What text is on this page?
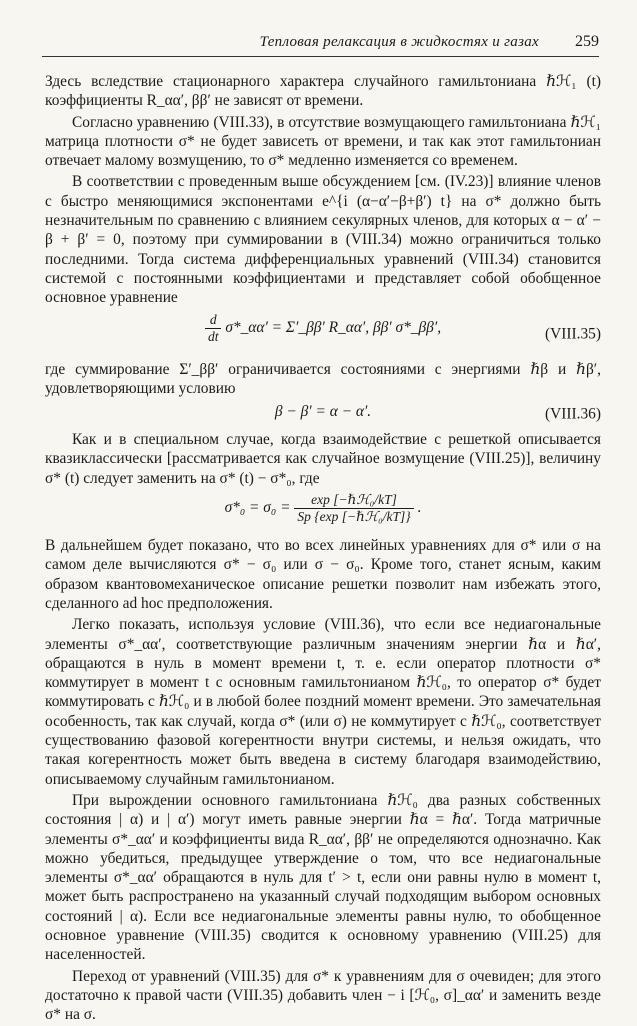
Тепловая релаксация в жидкостях и газах 259

Здесь вследствие стационарного характера случайного гамильтониана ℏℋ₁ (t) коэффициенты R_αα′, ββ′ не зависят от времени.

Согласно уравнению (VIII.33), в отсутствие возмущающего гамильтониана ℏℋ₁ матрица плотности σ* не будет зависеть от времени, и так как этот гамильтониан отвечает малому возмущению, то σ* медленно изменяется со временем.

В соответствии с проведенным выше обсуждением [см. (IV.23)] влияние членов с быстро меняющимися экспонентами e^{i (α−α′−β+β′) t} на σ* должно быть незначительным по сравнению с влиянием секулярных членов, для которых α − α′ − β + β′ = 0, поэтому при суммировании в (VIII.34) можно ограничиться только последними. Тогда система дифференциальных уравнений (VIII.34) становится системой с постоянными коэффициентами и представляет собой обобщенное основное уравнение

$\frac{d}{dt}$ σ*_αα′ = Σ′_ββ′ R_αα′, ββ′ σ*_ββ′,	(VIII.35)

где суммирование Σ′_ββ′ ограничивается состояниями с энергиями ℏβ и ℏβ′, удовлетворяющими условию

β − β′ = α − α′.	(VIII.36)

Как и в специальном случае, когда взаимодействие с решеткой описывается квазиклассически [рассматривается как случайное возмущение (VIII.25)], величину σ* (t) следует заменить на σ* (t) − σ*₀, где

$\sigma*_0 = \sigma_0 = \frac{\text{exp [−ℏℋ₀/kT]}}{\text{Sp \{exp [−ℏℋ₀/kT]\}}}$ .

В дальнейшем будет показано, что во всех линейных уравнениях для σ* или σ на самом деле вычисляются σ* − σ₀ или σ − σ₀. Кроме того, станет ясным, каким образом квантовомеханическое описание решетки позволит нам избежать этого, сделанного ad hoc предположения.

Легко показать, используя условие (VIII.36), что если все недиагональные элементы σ*_αα′, соответствующие различным значениям энергии ℏα и ℏα′, обращаются в нуль в момент времени t, т. е. если оператор плотности σ* коммутирует в момент t с основным гамильтонианом ℏℋ₀, то оператор σ* будет коммутировать с ℏℋ₀ и в любой более поздний момент времени. Это замечательная особенность, так как случай, когда σ* (или σ) не коммутирует с ℏℋ₀, соответствует существованию фазовой когерентности внутри системы, и нельзя ожидать, что такая когерентность может быть введена в систему благодаря взаимодействию, описываемому случайным гамильтонианом.

При вырождении основного гамильтониана ℏℋ₀ два разных собственных состояния | α) и | α′) могут иметь равные энергии ℏα = ℏα′. Тогда матричные элементы σ*_αα′ и коэффициенты вида R_αα′, ββ′ не определяются однозначно. Как можно убедиться, предыдущее утверждение о том, что все недиагональные элементы σ*_αα′ обращаются в нуль для t′ > t, если они равны нулю в момент t, может быть распространено на указанный случай подходящим выбором основных состояний | α). Если все недиагональные элементы равны нулю, то обобщенное основное уравнение (VIII.35) сводится к основному уравнению (VIII.25) для населенностей.

Переход от уравнений (VIII.35) для σ* к уравнениям для σ очевиден; для этого достаточно к правой части (VIII.35) добавить член − i [ℋ₀, σ]_αα′ и заменить везде σ* на σ.
